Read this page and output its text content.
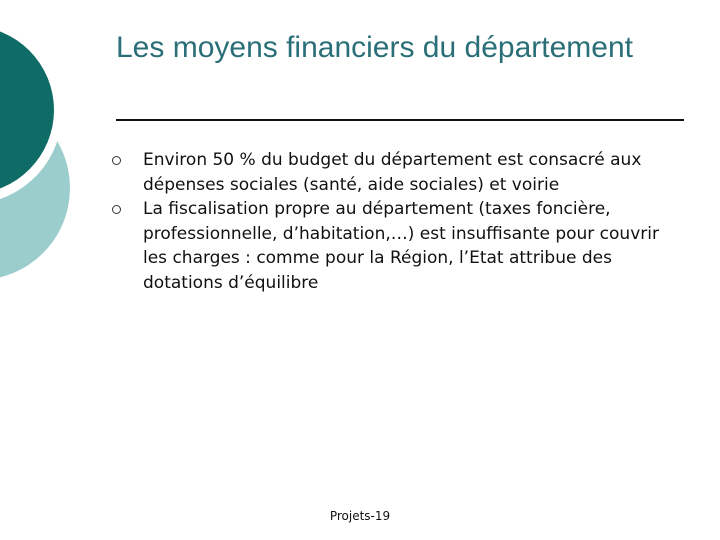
Les moyens financiers du département
Environ 50 % du budget du département est consacré aux dépenses sociales (santé, aide sociales) et voirie
La fiscalisation propre au département (taxes foncière, professionnelle, d’habitation,…) est insuffisante pour couvrir les charges : comme pour la Région, l’Etat attribue des dotations d’équilibre
Projets-19
